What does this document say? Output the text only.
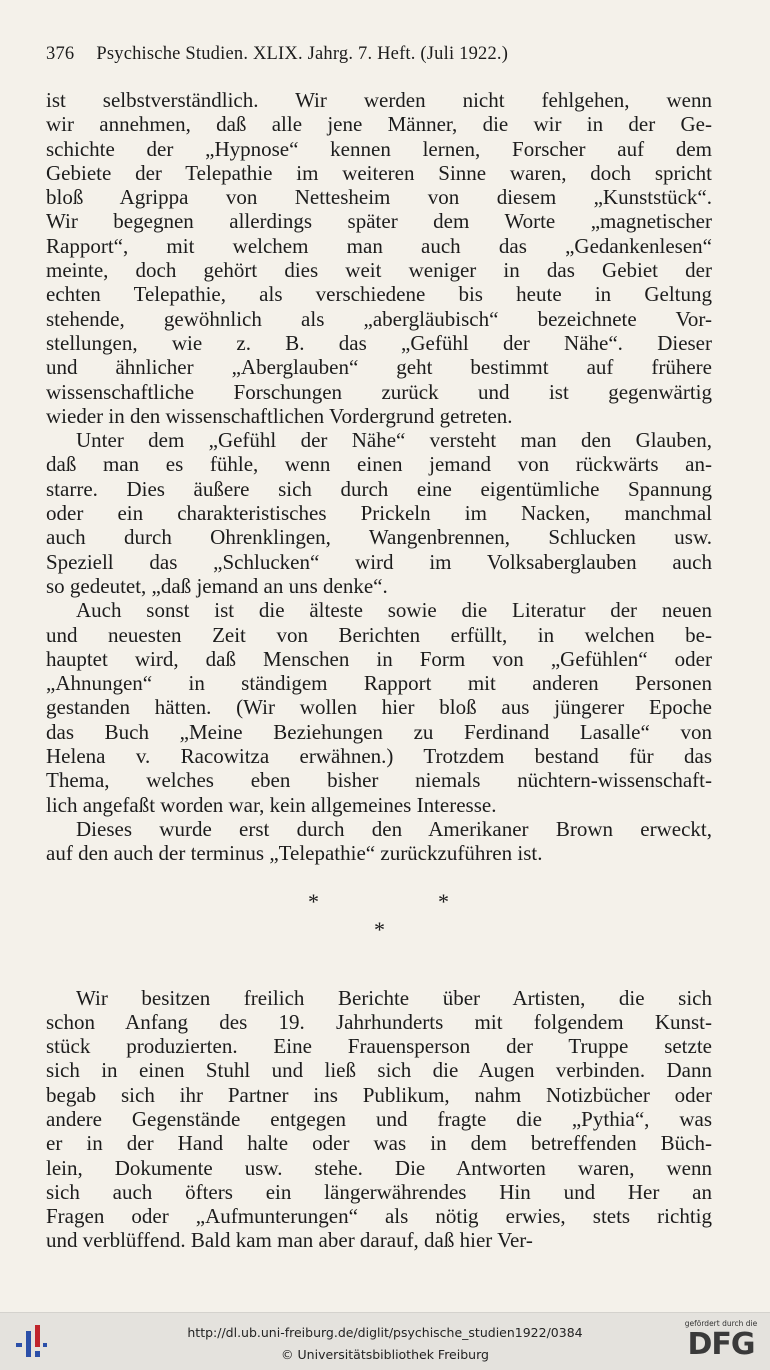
376 Psychische Studien. XLIX. Jahrg. 7. Heft. (Juli 1922.)

ist selbstverständlich. Wir werden nicht fehlgehen, wenn
wir annehmen, daß alle jene Männer, die wir in der Ge-
schichte der „Hypnose“ kennen lernen, Forscher auf dem
Gebiete der Telepathie im weiteren Sinne waren, doch spricht
bloß Agrippa von Nettesheim von diesem „Kunststück“.
Wir begegnen allerdings später dem Worte „magnetischer
Rapport“, mit welchem man auch das „Gedankenlesen“
meinte, doch gehört dies weit weniger in das Gebiet der
echten Telepathie, als verschiedene bis heute in Geltung
stehende, gewöhnlich als „abergläubisch“ bezeichnete Vor-
stellungen, wie z. B. das „Gefühl der Nähe“. Dieser
und ähnlicher „Aberglauben“ geht bestimmt auf frühere
wissenschaftliche Forschungen zurück und ist gegenwärtig
wieder in den wissenschaftlichen Vordergrund getreten.

Unter dem „Gefühl der Nähe“ versteht man den Glauben,
daß man es fühle, wenn einen jemand von rückwärts an-
starre. Dies äußere sich durch eine eigentümliche Spannung
oder ein charakteristisches Prickeln im Nacken, manchmal
auch durch Ohrenklingen, Wangenbrennen, Schlucken usw.
Speziell das „Schlucken“ wird im Volksaberglauben auch
so gedeutet, „daß jemand an uns denke“.

Auch sonst ist die älteste sowie die Literatur der neuen
und neuesten Zeit von Berichten erfüllt, in welchen be-
hauptet wird, daß Menschen in Form von „Gefühlen“ oder
„Ahnungen“ in ständigem Rapport mit anderen Personen
gestanden hätten. (Wir wollen hier bloß aus jüngerer Epoche
das Buch „Meine Beziehungen zu Ferdinand Lasalle“ von
Helena v. Racowitza erwähnen.) Trotzdem bestand für das
Thema, welches eben bisher niemals nüchtern-wissenschaft-
lich angefaßt worden war, kein allgemeines Interesse.

Dieses wurde erst durch den Amerikaner Brown erweckt,
auf den auch der terminus „Telepathie“ zurückzuführen ist.

*	*
*

Wir besitzen freilich Berichte über Artisten, die sich
schon Anfang des 19. Jahrhunderts mit folgendem Kunst-
stück produzierten. Eine Frauensperson der Truppe setzte
sich in einen Stuhl und ließ sich die Augen verbinden. Dann
begab sich ihr Partner ins Publikum, nahm Notizbücher oder
andere Gegenstände entgegen und fragte die „Pythia“, was
er in der Hand halte oder was in dem betreffenden Büch-
lein, Dokumente usw. stehe. Die Antworten waren, wenn
sich auch öfters ein längerwährendes Hin und Her an
Fragen oder „Aufmunterungen“ als nötig erwies, stets richtig
und verblüffend. Bald kam man aber darauf, daß hier Ver-

http://dl.ub.uni-freiburg.de/diglit/psychische_studien1922/0384
© Universitätsbibliothek Freiburg
gefördert durch die
DFG
